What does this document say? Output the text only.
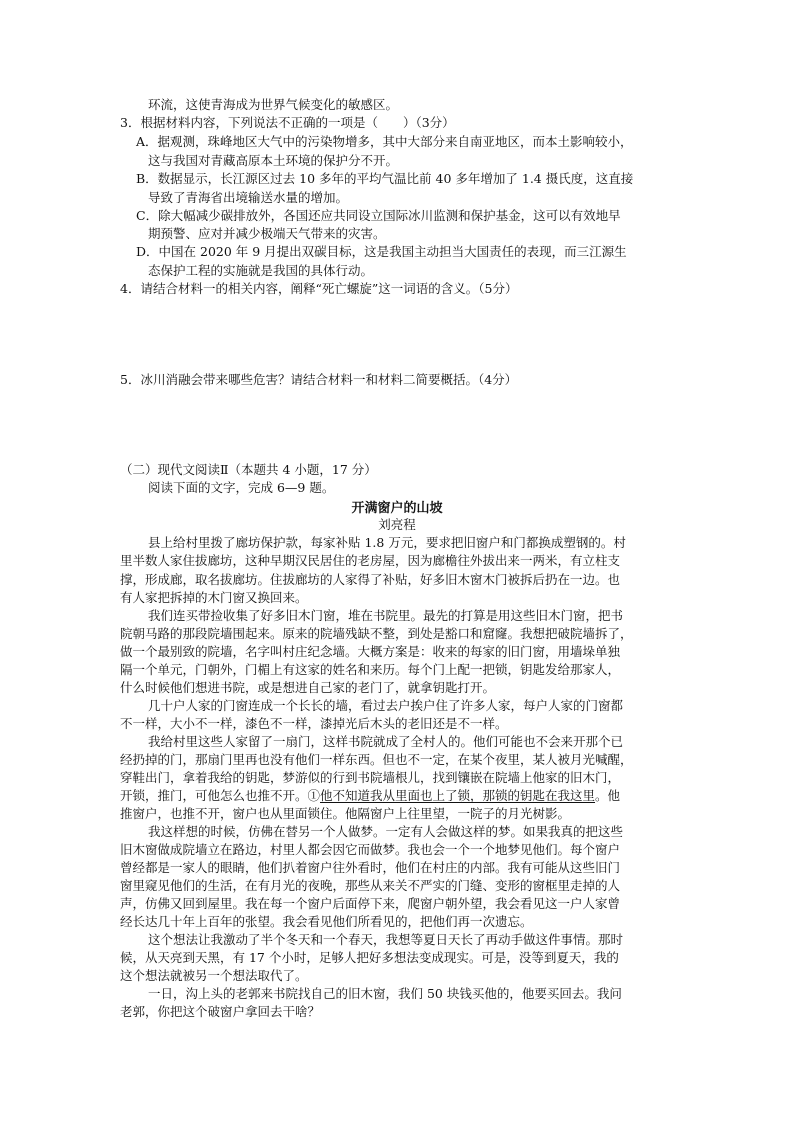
环流，这使青海成为世界气候变化的敏感区。
3．根据材料内容，下列说法不正确的一项是（　　）（3分）
A．据观测，珠峰地区大气中的污染物增多，其中大部分来自南亚地区，而本土影响较小，
这与我国对青藏高原本土环境的保护分不开。
B．数据显示，长江源区过去 10 多年的平均气温比前 40 多年增加了 1.4 摄氏度，这直接
导致了青海省出境输送水量的增加。
C．除大幅减少碳排放外，各国还应共同设立国际冰川监测和保护基金，这可以有效地早
期预警、应对并减少极端天气带来的灾害。
D．中国在 2020 年 9 月提出双碳目标，这是我国主动担当大国责任的表现，而三江源生
态保护工程的实施就是我国的具体行动。
4．请结合材料一的相关内容，阐释“死亡螺旋”这一词语的含义。（5分）
5．冰川消融会带来哪些危害？请结合材料一和材料二简要概括。（4分）
（二）现代文阅读Ⅱ（本题共 4 小题，17 分）
阅读下面的文字，完成 6—9 题。
开满窗户的山坡
刘亮程
县上给村里拨了廊坊保护款，每家补贴 1.8 万元，要求把旧窗户和门都换成塑钢的。村
里半数人家住拔廊坊，这种早期汉民居住的老房屋，因为廊檐往外拔出来一两米，有立柱支
撑，形成廊，取名拔廊坊。住拔廊坊的人家得了补贴，好多旧木窗木门被拆后扔在一边。也
有人家把拆掉的木门窗又换回来。
我们连买带捡收集了好多旧木门窗，堆在书院里。最先的打算是用这些旧木门窗，把书
院朝马路的那段院墙围起来。原来的院墙残缺不整，到处是豁口和窟窿。我想把破院墙拆了，
做一个最别致的院墙，名字叫村庄纪念墙。大概方案是：收来的每家的旧门窗，用墙垛单独
隔一个单元，门朝外，门楣上有这家的姓名和来历。每个门上配一把锁，钥匙发给那家人，
什么时候他们想进书院，或是想进自己家的老门了，就拿钥匙打开。
几十户人家的门窗连成一个长长的墙，看过去户挨户住了许多人家，每户人家的门窗都
不一样，大小不一样，漆色不一样，漆掉光后木头的老旧还是不一样。
我给村里这些人家留了一扇门，这样书院就成了全村人的。他们可能也不会来开那个已
经扔掉的门，那扇门里再也没有他们一样东西。但也不一定，在某个夜里，某人被月光喊醒，
穿鞋出门，拿着我给的钥匙，梦游似的行到书院墙根儿，找到镶嵌在院墙上他家的旧木门，
开锁，推门，可他怎么也推不开。①他不知道我从里面也上了锁，那锁的钥匙在我这里。他
推窗户，也推不开，窗户也从里面锁住。他隔窗户上往里望，一院子的月光树影。
我这样想的时候，仿佛在替另一个人做梦。一定有人会做这样的梦。如果我真的把这些
旧木窗做成院墙立在路边，村里人都会因它而做梦。我也会一个一个地梦见他们。每个窗户
曾经都是一家人的眼睛，他们扒着窗户往外看时，他们在村庄的内部。我有可能从这些旧门
窗里窥见他们的生活，在有月光的夜晚，那些从来关不严实的门缝、变形的窗框里走掉的人
声，仿佛又回到屋里。我在每一个窗户后面停下来，爬窗户朝外望，我会看见这一户人家曾
经长达几十年上百年的张望。我会看见他们所看见的，把他们再一次遗忘。
这个想法让我激动了半个冬天和一个春天，我想等夏日天长了再动手做这件事情。那时
候，从天亮到天黑，有 17 个小时，足够人把好多想法变成现实。可是，没等到夏天，我的
这个想法就被另一个想法取代了。
一日，沟上头的老郭来书院找自己的旧木窗，我们 50 块钱买他的，他要买回去。我问
老郭，你把这个破窗户拿回去干啥？
